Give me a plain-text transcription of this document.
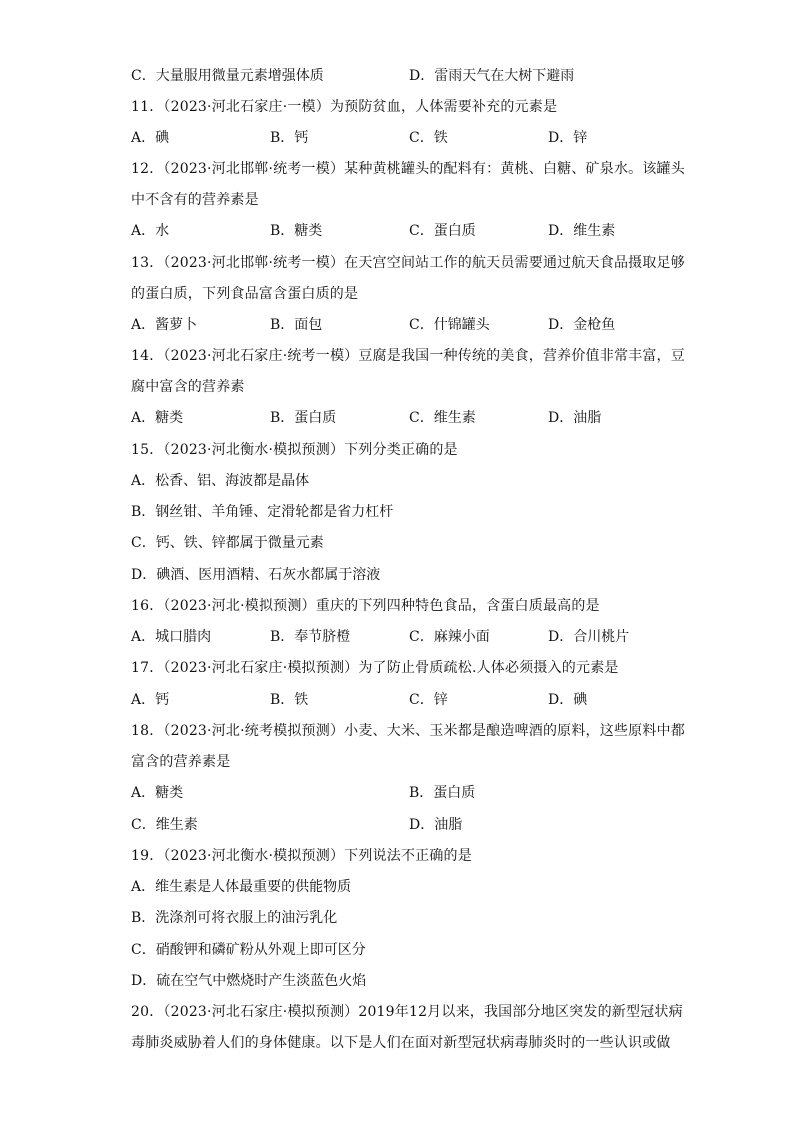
C．大量服用微量元素增强体质	D．雷雨天气在大树下避雨
11．（2023·河北石家庄·一模）为预防贫血，人体需要补充的元素是
A．碘	B．钙	C．铁	D．锌
12．（2023·河北邯郸·统考一模）某种黄桃罐头的配料有：黄桃、白糖、矿泉水。该罐头
中不含有的营养素是
A．水	B．糖类	C．蛋白质	D．维生素
13．（2023·河北邯郸·统考一模）在天宫空间站工作的航天员需要通过航天食品摄取足够
的蛋白质，下列食品富含蛋白质的是
A．酱萝卜	B．面包	C．什锦罐头	D．金枪鱼
14．（2023·河北石家庄·统考一模）豆腐是我国一种传统的美食，营养价值非常丰富，豆
腐中富含的营养素
A．糖类	B．蛋白质	C．维生素	D．油脂
15．（2023·河北衡水·模拟预测）下列分类正确的是
A．松香、铝、海波都是晶体
B．钢丝钳、羊角锤、定滑轮都是省力杠杆
C．钙、铁、锌都属于微量元素
D．碘酒、医用酒精、石灰水都属于溶液
16．（2023·河北·模拟预测）重庆的下列四种特色食品，含蛋白质最高的是
A．城口腊肉	B．奉节脐橙	C．麻辣小面	D．合川桃片
17．（2023·河北石家庄·模拟预测）为了防止骨质疏松.人体必须摄入的元素是
A．钙	B．铁	C．锌	D．碘
18．（2023·河北·统考模拟预测）小麦、大米、玉米都是酿造啤酒的原料，这些原料中都
富含的营养素是
A．糖类	B．蛋白质
C．维生素	D．油脂
19．（2023·河北衡水·模拟预测）下列说法不正确的是
A．维生素是人体最重要的供能物质
B．洗涤剂可将衣服上的油污乳化
C．硝酸钾和磷矿粉从外观上即可区分
D．硫在空气中燃烧时产生淡蓝色火焰
20．（2023·河北石家庄·模拟预测）2019年12月以来，我国部分地区突发的新型冠状病
毒肺炎威胁着人们的身体健康。以下是人们在面对新型冠状病毒肺炎时的一些认识或做
